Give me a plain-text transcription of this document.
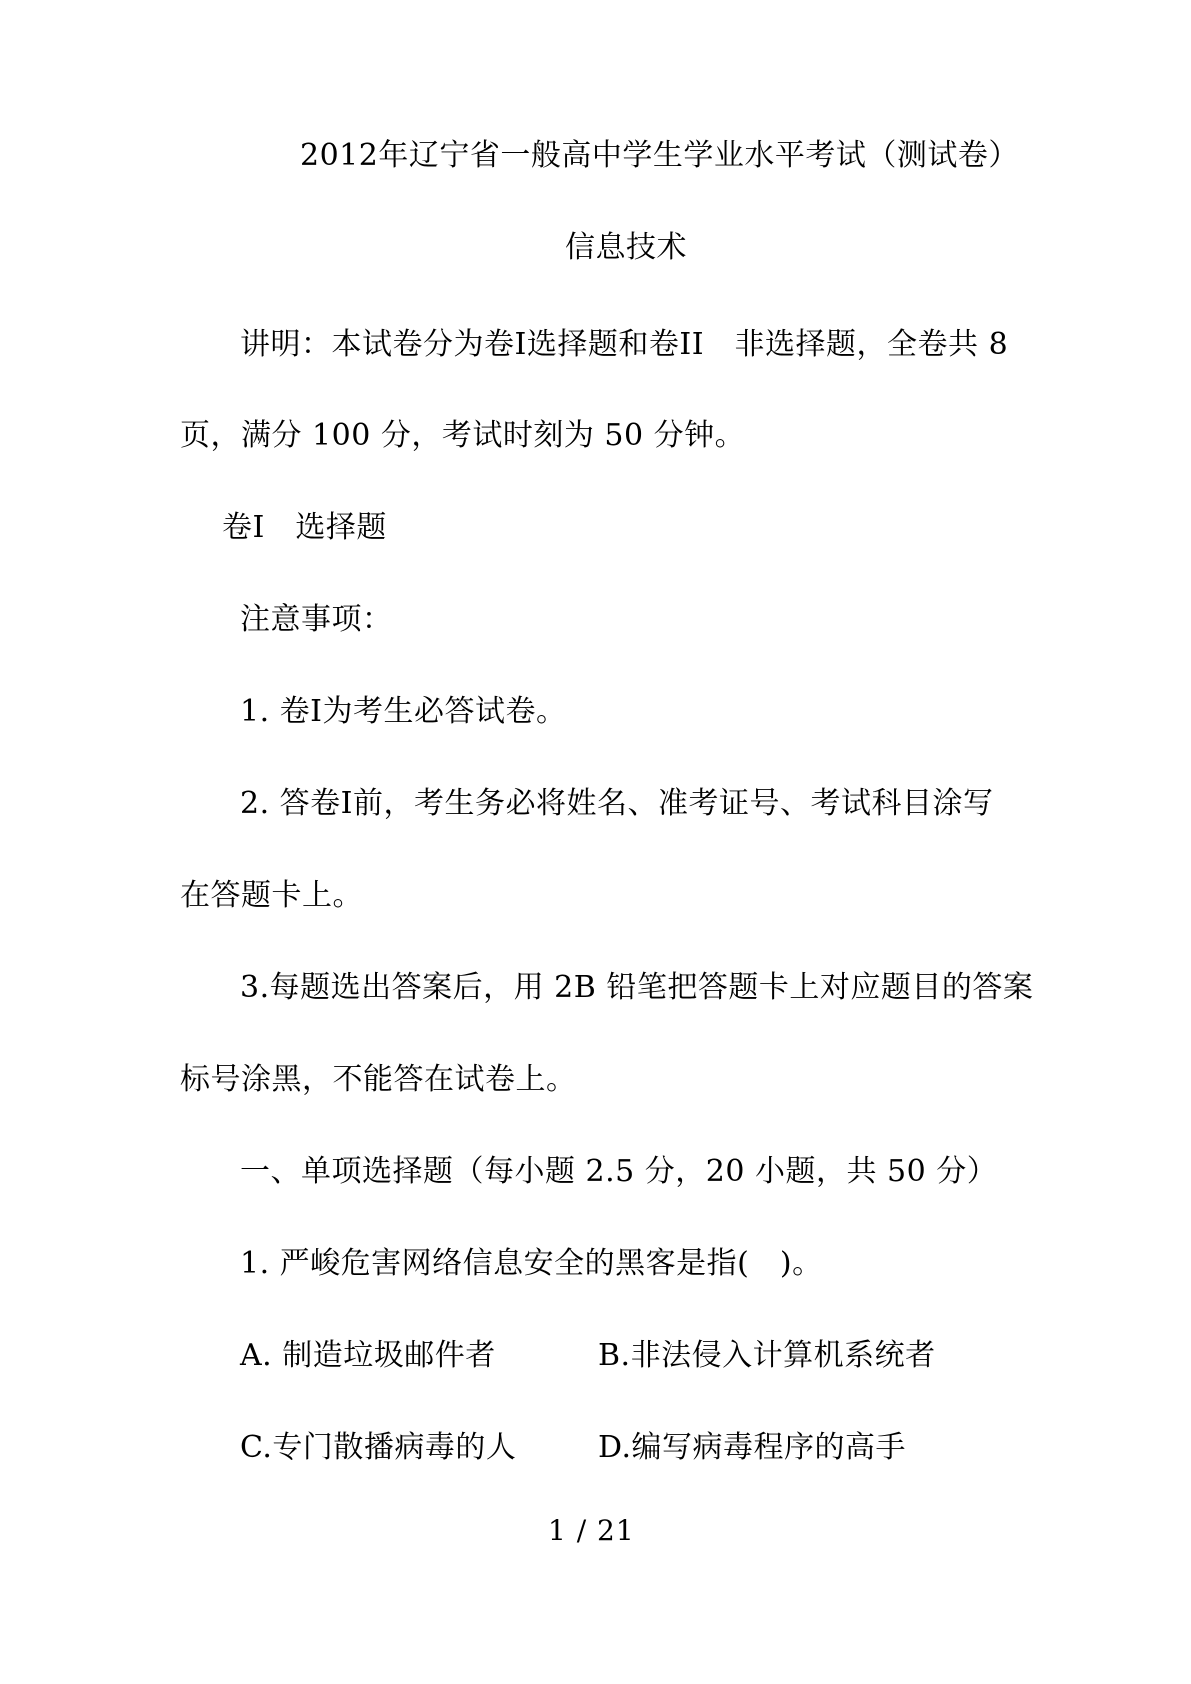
2012年辽宁省一般高中学生学业水平考试（测试卷）
信息技术
讲明：本试卷分为卷Ⅰ选择题和卷ⅠⅠ　非选择题，全卷共 8
页，满分 100 分，考试时刻为 50 分钟。
卷Ⅰ　选择题
注意事项：
1. 卷Ⅰ为考生必答试卷。
2. 答卷Ⅰ前，考生务必将姓名、准考证号、考试科目涂写
在答题卡上。
3.每题选出答案后，用 2B 铅笔把答题卡上对应题目的答案
标号涂黑，不能答在试卷上。
一、单项选择题（每小题 2.5 分，20 小题，共 50 分）
1. 严峻危害网络信息安全的黑客是指(　)。
A. 制造垃圾邮件者	B.非法侵入计算机系统者
C.专门散播病毒的人	D.编写病毒程序的高手
1 / 21
